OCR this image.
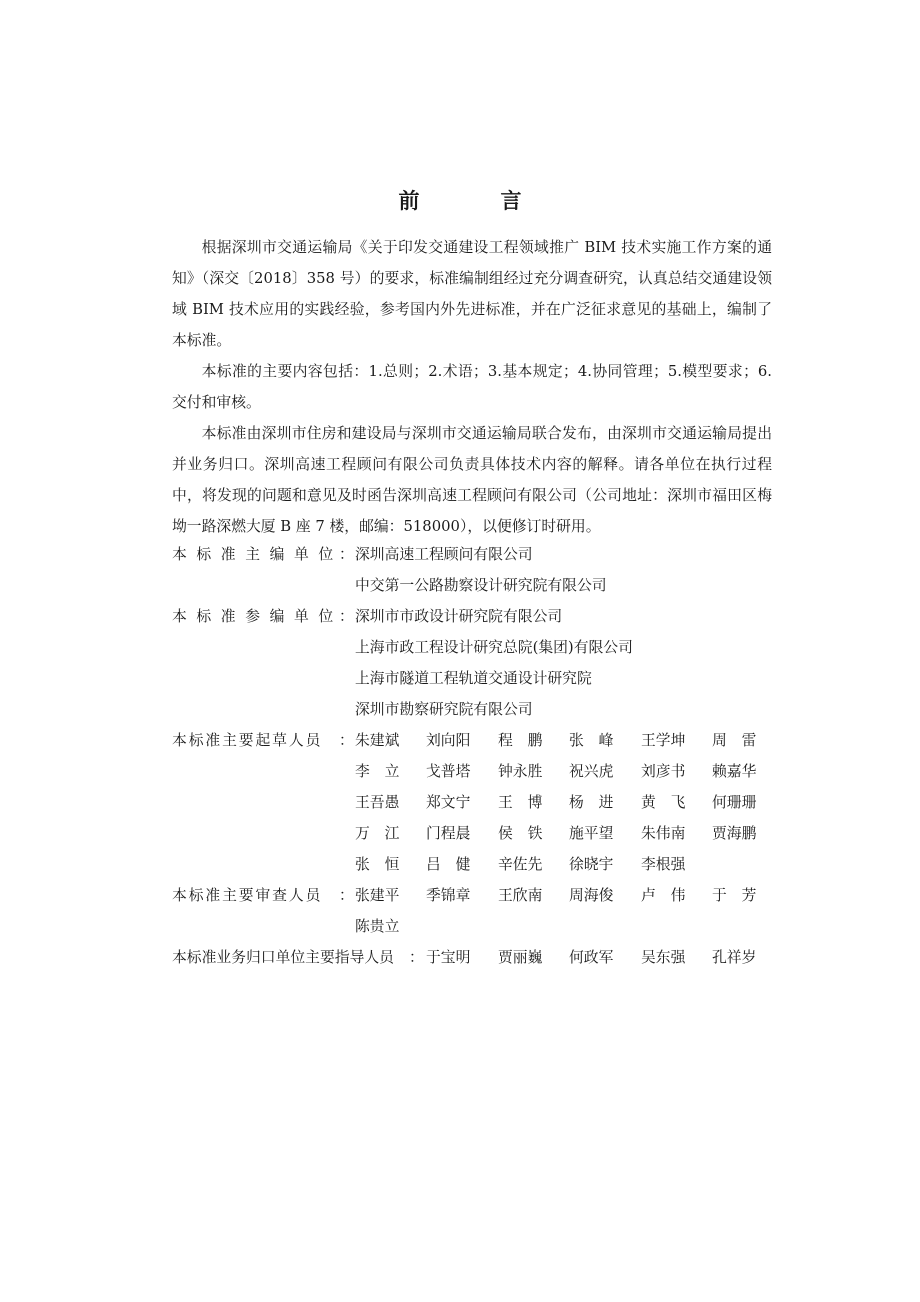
前　言

根据深圳市交通运输局《关于印发交通建设工程领域推广 BIM 技术实施工作方案的通知》（深交〔2018〕358 号）的要求，标准编制组经过充分调查研究，认真总结交通建设领域 BIM 技术应用的实践经验，参考国内外先进标准，并在广泛征求意见的基础上，编制了本标准。

本标准的主要内容包括：1.总则；2.术语；3.基本规定；4.协同管理；5.模型要求；6.交付和审核。

本标准由深圳市住房和建设局与深圳市交通运输局联合发布，由深圳市交通运输局提出并业务归口。深圳高速工程顾问有限公司负责具体技术内容的解释。请各单位在执行过程中，将发现的问题和意见及时函告深圳高速工程顾问有限公司（公司地址：深圳市福田区梅坳一路深燃大厦 B 座 7 楼，邮编：518000），以便修订时研用。

本标准主编单位
： 深圳高速工程顾问有限公司
中交第一公路勘察设计研究院有限公司
本标准参编单位
： 深圳市市政设计研究院有限公司
上海市政工程设计研究总院(集团)有限公司
上海市隧道工程轨道交通设计研究院
深圳市勘察研究院有限公司
本标准主要起草人员 ： 朱建斌 刘向阳 程　鹏 张　峰 王学坤 周　雷
李　立 戈普塔 钟永胜 祝兴虎 刘彦书 赖嘉华
王吾愚 郑文宁 王　博 杨　进 黄　飞 何珊珊
万　江 门程晨 侯　铁 施平望 朱伟南 贾海鹏
张　恒 吕　健 辛佐先 徐晓宇 李根强
本标准主要审查人员 ： 张建平 季锦章 王欣南 周海俊 卢　伟 于　芳
陈贵立
本标准业务归口单位主要指导人员 ： 于宝明 贾丽巍 何政军 吴东强 孔祥岁
